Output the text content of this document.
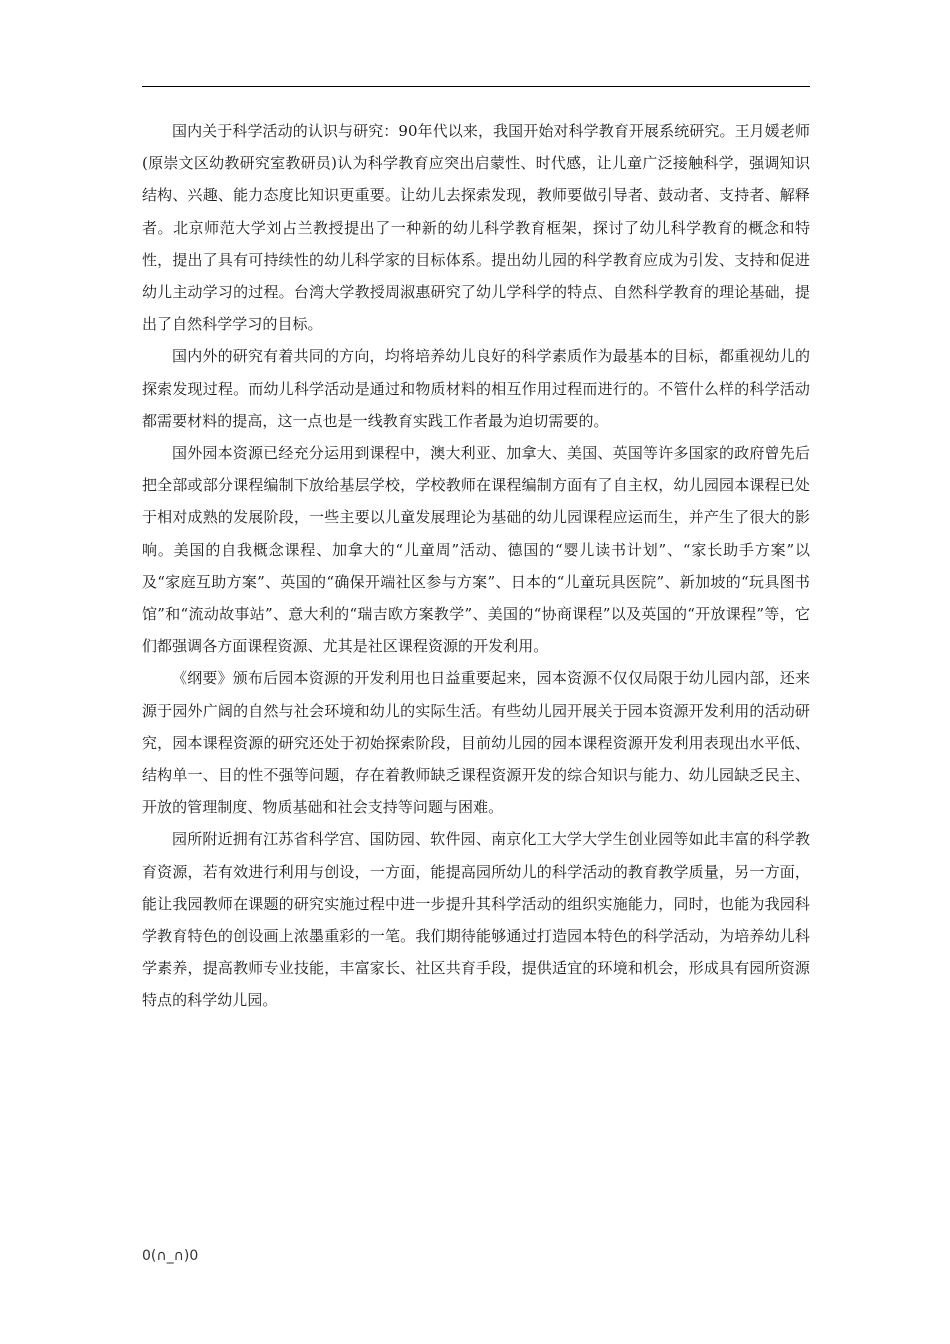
国内关于科学活动的认识与研究：90年代以来，我国开始对科学教育开展系统研究。王月媛老师(原崇文区幼教研究室教研员)认为科学教育应突出启蒙性、时代感，让儿童广泛接触科学，强调知识结构、兴趣、能力态度比知识更重要。让幼儿去探索发现，教师要做引导者、鼓动者、支持者、解释者。北京师范大学刘占兰教授提出了一种新的幼儿科学教育框架，探讨了幼儿科学教育的概念和特性，提出了具有可持续性的幼儿科学家的目标体系。提出幼儿园的科学教育应成为引发、支持和促进幼儿主动学习的过程。台湾大学教授周淑惠研究了幼儿学科学的特点、自然科学教育的理论基础，提出了自然科学学习的目标。

国内外的研究有着共同的方向，均将培养幼儿良好的科学素质作为最基本的目标，都重视幼儿的探索发现过程。而幼儿科学活动是通过和物质材料的相互作用过程而进行的。不管什么样的科学活动都需要材料的提高，这一点也是一线教育实践工作者最为迫切需要的。

国外园本资源已经充分运用到课程中，澳大利亚、加拿大、美国、英国等许多国家的政府曾先后把全部或部分课程编制下放给基层学校，学校教师在课程编制方面有了自主权，幼儿园园本课程已处于相对成熟的发展阶段，一些主要以儿童发展理论为基础的幼儿园课程应运而生，并产生了很大的影响。美国的自我概念课程、加拿大的“儿童周”活动、德国的“婴儿读书计划”、“家长助手方案”以及“家庭互助方案”、英国的“确保开端社区参与方案”、日本的“儿童玩具医院”、新加坡的“玩具图书馆”和“流动故事站”、意大利的“瑞吉欧方案教学”、美国的“协商课程”以及英国的“开放课程”等，它们都强调各方面课程资源、尤其是社区课程资源的开发利用。

《纲要》颁布后园本资源的开发利用也日益重要起来，园本资源不仅仅局限于幼儿园内部，还来源于园外广阔的自然与社会环境和幼儿的实际生活。有些幼儿园开展关于园本资源开发利用的活动研究，园本课程资源的研究还处于初始探索阶段，目前幼儿园的园本课程资源开发利用表现出水平低、结构单一、目的性不强等问题，存在着教师缺乏课程资源开发的综合知识与能力、幼儿园缺乏民主、开放的管理制度、物质基础和社会支持等问题与困难。

园所附近拥有江苏省科学宫、国防园、软件园、南京化工大学大学生创业园等如此丰富的科学教育资源，若有效进行利用与创设，一方面，能提高园所幼儿的科学活动的教育教学质量，另一方面，能让我园教师在课题的研究实施过程中进一步提升其科学活动的组织实施能力，同时，也能为我园科学教育特色的创设画上浓墨重彩的一笔。我们期待能够通过打造园本特色的科学活动，为培养幼儿科学素养，提高教师专业技能，丰富家长、社区共育手段，提供适宜的环境和机会，形成具有园所资源特点的科学幼儿园。

0(∩_∩)0
